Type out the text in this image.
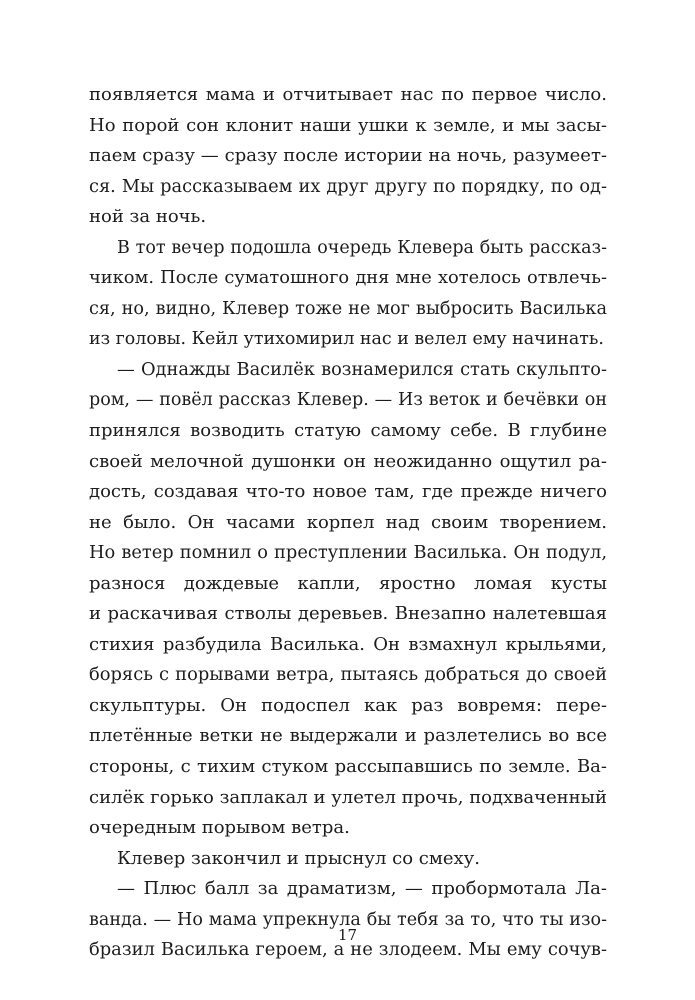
появляется мама и отчитывает нас по первое число.
Но порой сон клонит наши ушки к земле, и мы засы-
паем сразу — сразу после истории на ночь, разумеет-
ся. Мы рассказываем их друг другу по порядку, по од-
ной за ночь.
В тот вечер подошла очередь Клевера быть рассказ-
чиком. После суматошного дня мне хотелось отвлечь-
ся, но, видно, Клевер тоже не мог выбросить Василька
из головы. Кейл утихомирил нас и велел ему начинать.
— Однажды Василёк вознамерился стать скульпто-
ром, — повёл рассказ Клевер. — Из веток и бечёвки он
принялся возводить статую самому себе. В глубине
своей мелочной душонки он неожиданно ощутил ра-
дость, создавая что-то новое там, где прежде ничего
не было. Он часами корпел над своим творением.
Но ветер помнил о преступлении Василька. Он подул,
разнося дождевые капли, яростно ломая кусты
и раскачивая стволы деревьев. Внезапно налетевшая
стихия разбудила Василька. Он взмахнул крыльями,
борясь с порывами ветра, пытаясь добраться до своей
скульптуры. Он подоспел как раз вовремя: пере-
плетённые ветки не выдержали и разлетелись во все
стороны, с тихим стуком рассыпавшись по земле. Ва-
силёк горько заплакал и улетел прочь, подхваченный
очередным порывом ветра.
Клевер закончил и прыснул со смеху.
— Плюс балл за драматизм, — пробормотала Ла-
ванда. — Но мама упрекнула бы тебя за то, что ты изо-
бразил Василька героем, а не злодеем. Мы ему сочув-
17
